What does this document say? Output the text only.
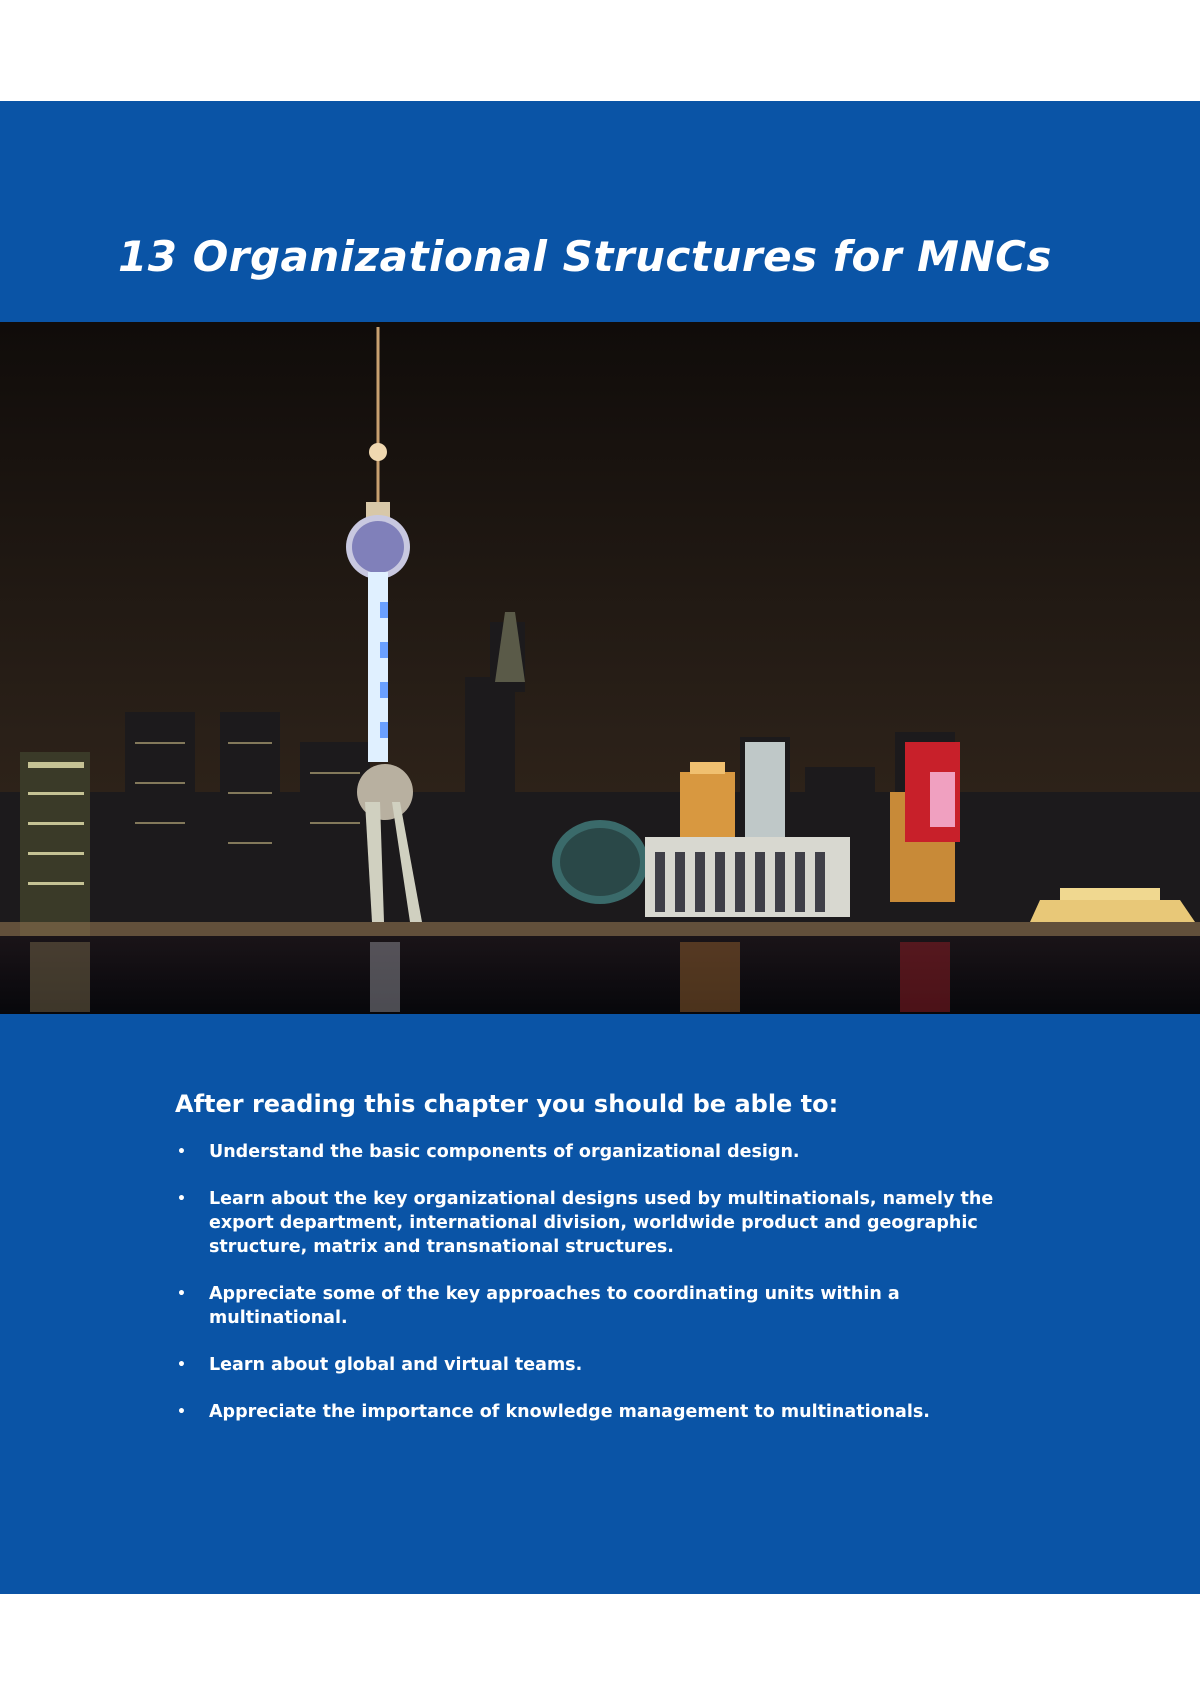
13 Organizational Structures for MNCs
After reading this chapter you should be able to:
• Understand the basic components of organizational design.
• Learn about the key organizational designs used by multinationals, namely the export department, international division, worldwide product and geographic structure, matrix and transnational structures.
• Appreciate some of the key approaches to coordinating units within a multinational.
• Learn about global and virtual teams.
• Appreciate the importance of knowledge management to multinationals.
